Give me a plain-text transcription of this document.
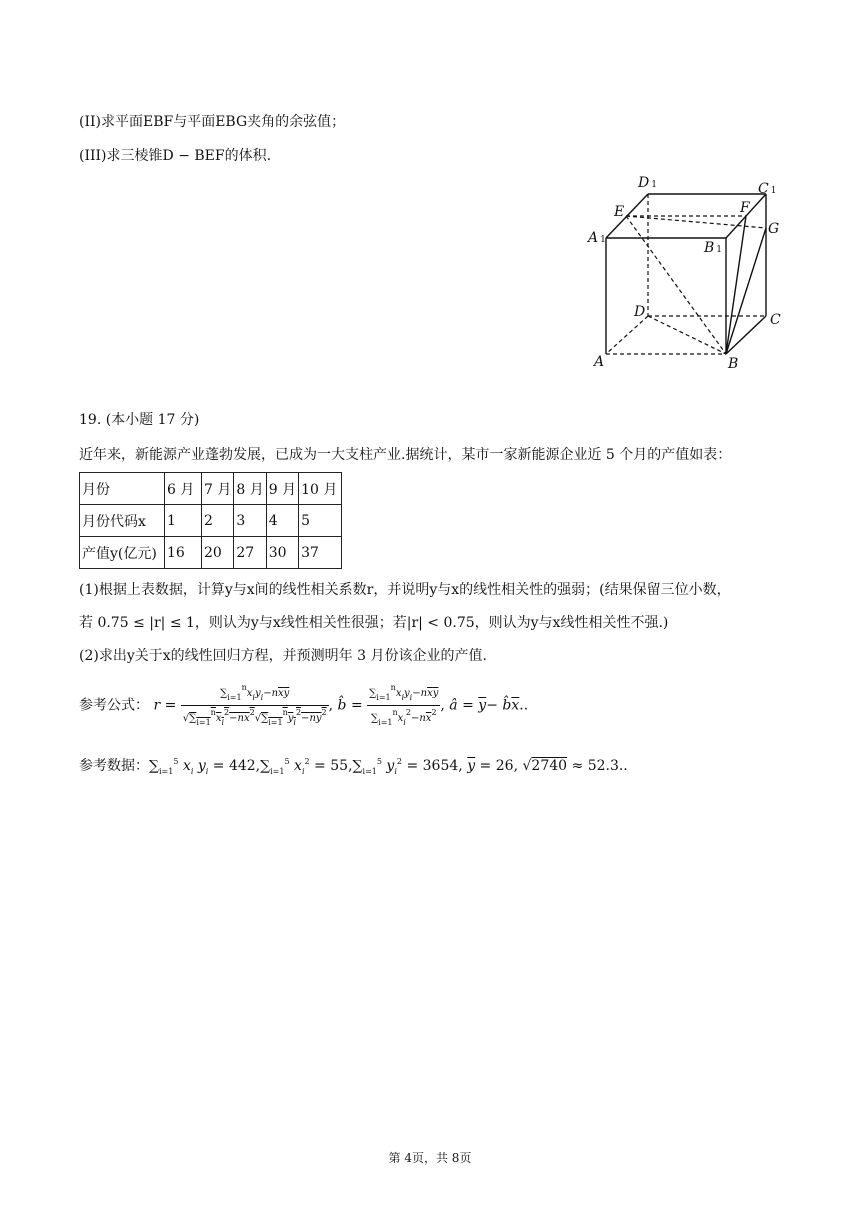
(II)求平面EBF与平面EBG夹角的余弦值；
(III)求三棱锥D − BEF的体积.
D 1	C 1
E	F
G
A 1	B 1
D	C
A	B
19. (本小题 17 分)
近年来，新能源产业蓬勃发展，已成为一大支柱产业.据统计，某市一家新能源企业近 5 个月的产值如表：
月份	6 月	7 月	8 月	9 月	10 月
月份代码x	1	2	3	4	5
产值y(亿元)	16	20	27	30	37
(1)根据上表数据，计算y与x间的线性相关系数r，并说明y与x的线性相关性的强弱；(结果保留三位小数，
若 0.75 ≤ |r| ≤ 1，则认为y与x线性相关性很强；若|r| < 0.75，则认为y与x线性相关性不强.)
(2)求出y关于x的线性回归方程，并预测明年 3 月份该企业的产值.
参考公式： $r = \frac{\sum_{i=1}^nx_iy_i-n\overline{x}\overline{y}}{√\sum_{i=1}^nx_i^2-nx^2√\sum_{i=1}^ny_i^2-ny^2}$ , b̂ = $\frac{\sum_{i=1}^nx_iy_i-n\overline{x}\overline{y}}{\sum_{i=1}^nx_i^2-n\overline{x}^2}$ , â = $\overline{y}-$ $b̂\overline{x}$..
参考数据：$\sum_{i=1}^5$ $x_i$ $y_i = 442,\sum_{i=1}^5$ $x_i^2 = 55,\sum_{i=1}^5$ $y_i^2 = 3654$, $\overline{y} = 26$, √2740 ≈ 52.3..
第 4页，共 8页
